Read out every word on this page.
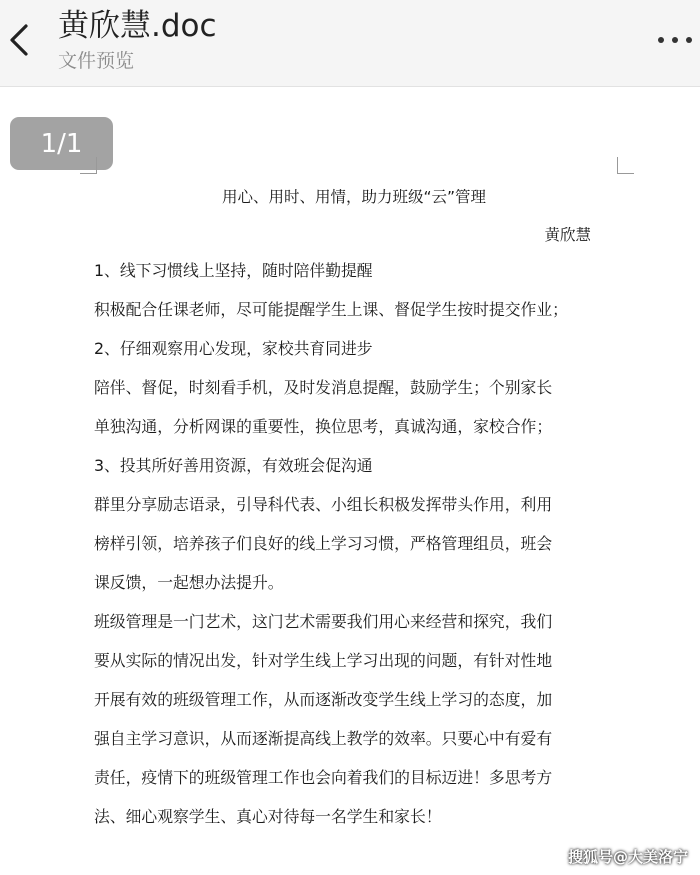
黄欣慧.doc
文件预览
1/1
用心、用时、用情，助力班级“云”管理
黄欣慧

1、线下习惯线上坚持，随时陪伴勤提醒

积极配合任课老师，尽可能提醒学生上课、督促学生按时提交作业；

2、仔细观察用心发现，家校共育同进步

陪伴、督促，时刻看手机，及时发消息提醒，鼓励学生；个别家长

单独沟通，分析网课的重要性，换位思考，真诚沟通，家校合作；

3、投其所好善用资源，有效班会促沟通

群里分享励志语录，引导科代表、小组长积极发挥带头作用，利用

榜样引领，培养孩子们良好的线上学习习惯，严格管理组员，班会

课反馈，一起想办法提升。

班级管理是一门艺术，这门艺术需要我们用心来经营和探究，我们

要从实际的情况出发，针对学生线上学习出现的问题，有针对性地

开展有效的班级管理工作，从而逐渐改变学生线上学习的态度，加

强自主学习意识，从而逐渐提高线上教学的效率。只要心中有爱有

责任，疫情下的班级管理工作也会向着我们的目标迈进！多思考方

法、细心观察学生、真心对待每一名学生和家长！

搜狐号@大美洛宁
